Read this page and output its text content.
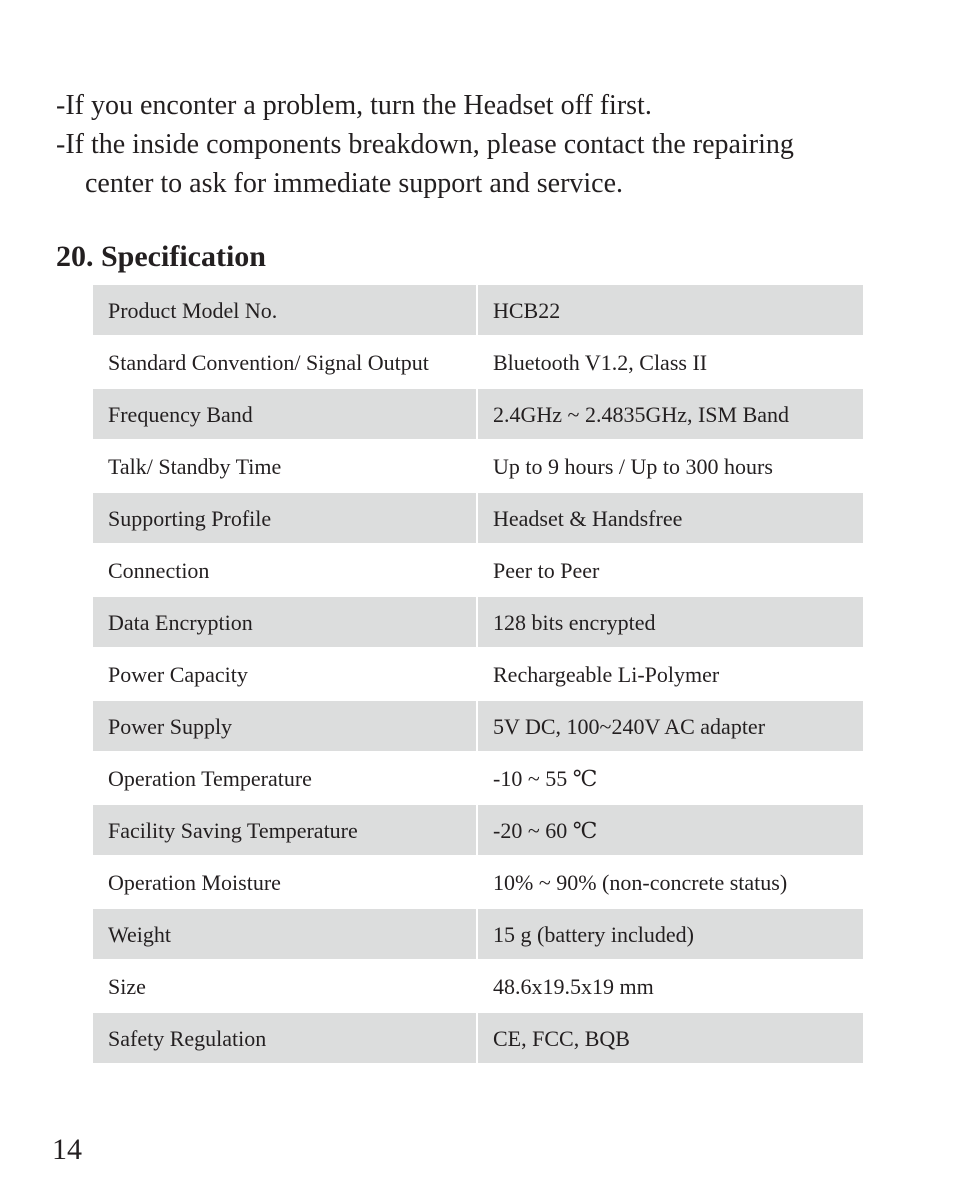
-If you enconter a problem, turn the Headset off first.
-If the inside components breakdown, please contact the repairing
center to ask for immediate support and service.
20. Specification
Product Model No.	HCB22
Standard Convention/ Signal Output	Bluetooth V1.2, Class II
Frequency Band	2.4GHz ~ 2.4835GHz, ISM Band
Talk/ Standby Time	Up to 9 hours / Up to 300 hours
Supporting Profile	Headset & Handsfree
Connection	Peer to Peer
Data Encryption	128 bits encrypted
Power Capacity	Rechargeable Li-Polymer
Power Supply	5V DC, 100~240V AC adapter
Operation Temperature	-10 ~ 55 ℃
Facility Saving Temperature	-20 ~ 60 ℃
Operation Moisture	10% ~ 90% (non-concrete status)
Weight	15 g (battery included)
Size	48.6x19.5x19 mm
Safety Regulation	CE, FCC, BQB
14
